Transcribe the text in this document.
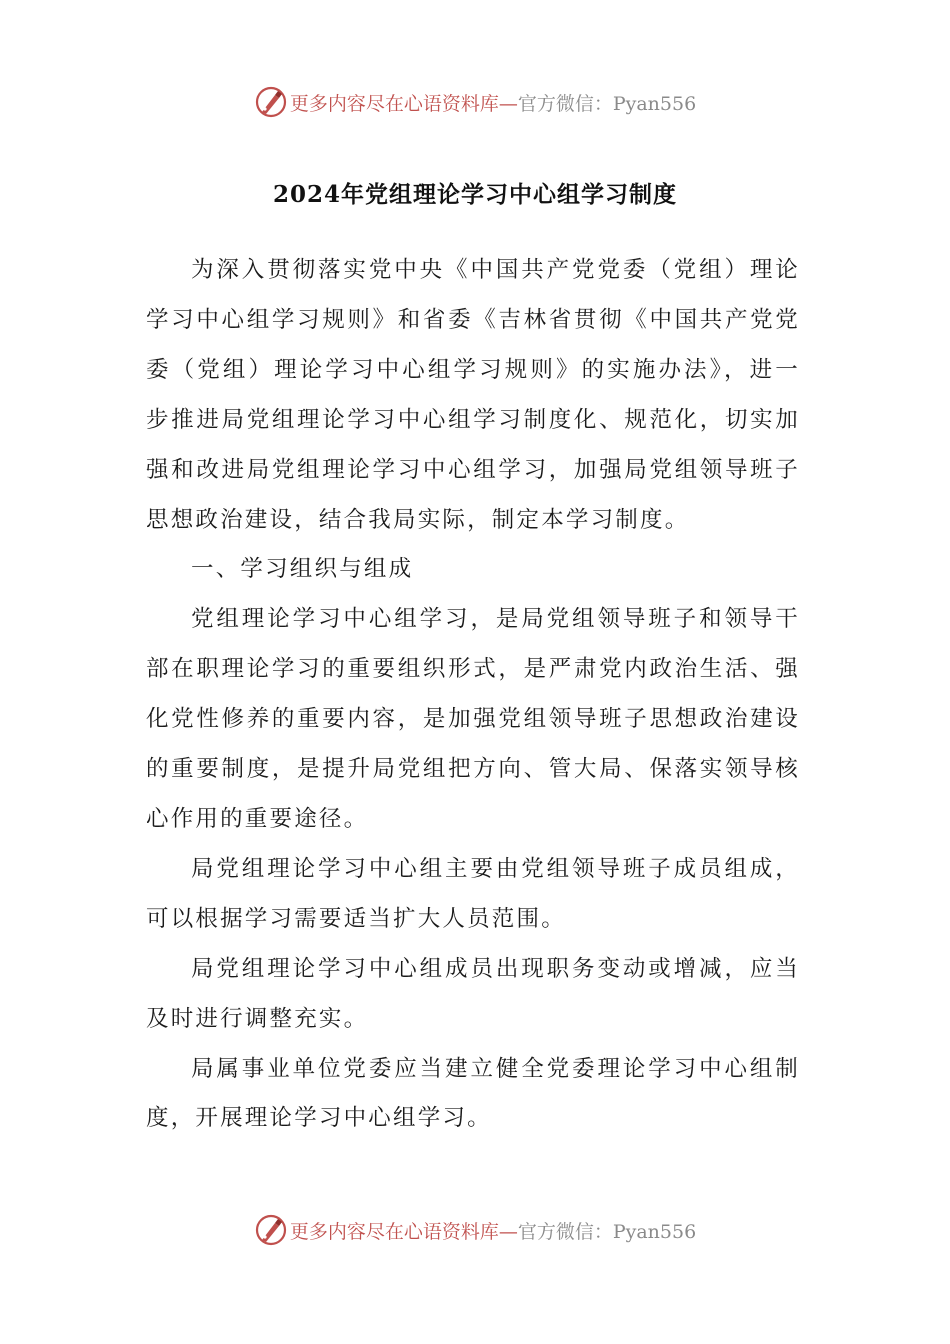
更多内容尽在心语资料库—官方微信：Pyan556
2024年党组理论学习中心组学习制度

为深入贯彻落实党中央《中国共产党党委（党组）理论学习中心组学习规则》和省委《吉林省贯彻《中国共产党党委（党组）理论学习中心组学习规则》的实施办法》，进一步推进局党组理论学习中心组学习制度化、规范化，切实加强和改进局党组理论学习中心组学习，加强局党组领导班子思想政治建设，结合我局实际，制定本学习制度。

一、学习组织与组成

党组理论学习中心组学习，是局党组领导班子和领导干部在职理论学习的重要组织形式，是严肃党内政治生活、强化党性修养的重要内容，是加强党组领导班子思想政治建设的重要制度，是提升局党组把方向、管大局、保落实领导核心作用的重要途径。

局党组理论学习中心组主要由党组领导班子成员组成，可以根据学习需要适当扩大人员范围。

局党组理论学习中心组成员出现职务变动或增减，应当及时进行调整充实。

局属事业单位党委应当建立健全党委理论学习中心组制度，开展理论学习中心组学习。

更多内容尽在心语资料库—官方微信：Pyan556
